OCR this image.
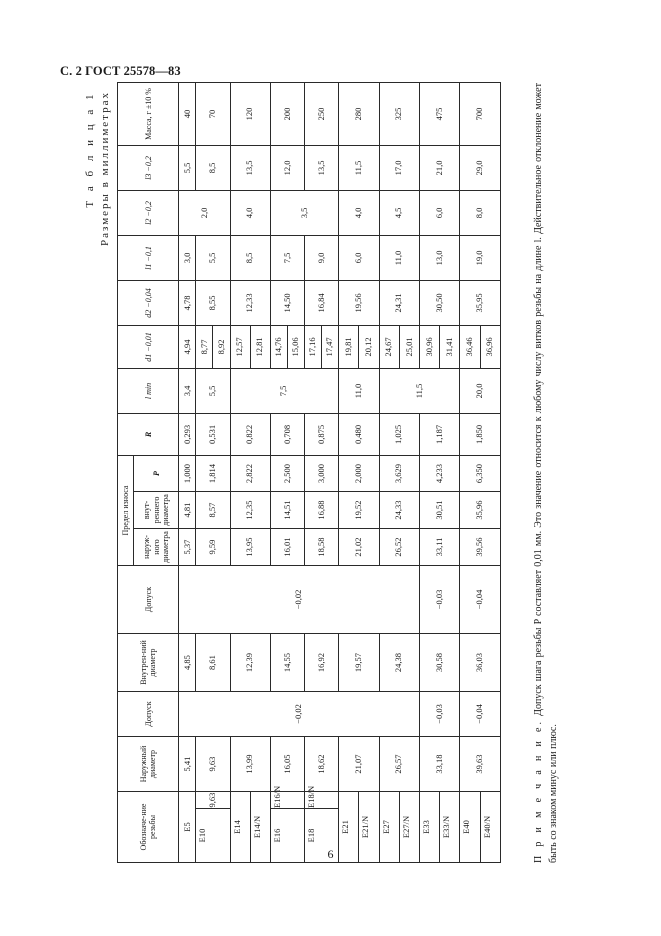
С. 2 ГОСТ 25578—83
Т а б л и ц а 1 Размеры в миллиметрах
Обозначе-ние резьбы		Наружный диаметр	Допуск	Внутрен-ний диаметр	Допуск	Предел износа			R	l min	d1 −0,01	d2 −0,04	l1 −0,1	l2 −0,2	l3 −0,2	Масса, г ±10 %
						наруж-ного диаметра	внут-реннего диаметра	P								
E5		5,41	−0,02	4,85	−0,02	5,37	4,81	1,000	0,293	3,4	4,94	4,78	3,0	2,0	5,5	40
E10	9,63	9,63		8,61		9,59	8,57	1,814	0,531	5,5	8,77	8,55	5,5		8,5	70
											8,92					
E14		13,99		12,39		13,95	12,35	2,822	0,822	7,5	12,57	12,33	8,5	4,0	13,5	120
E14/N											12,81					
E16	E16/N	16,05		14,55		16,01	14,51	2,500	0,708		14,76	14,50	7,5	3,5	12,0	200
											15,06					
E18	E18/N	18,62		16,92		18,58	16,88	3,000	0,875		17,16	16,84	9,0		13,5	250
											17,47					
E21		21,07		19,57		21,02	19,52	2,000	0,480	11,0	19,81	19,56	6,0	4,0	11,5	280
E21/N											20,12					
E27		26,57		24,38		26,52	24,33	3,629	1,025	11,5	24,67	24,31	11,0	4,5	17,0	325
E27/N											25,01					
E33		33,18	−0,03	30,58	−0,03	33,11	30,51	4,233	1,187		30,96	30,50	13,0	6,0	21,0	475
E33/N											31,41					
E40		39,63	−0,04	36,03	−0,04	39,56	35,96	6,350	1,850	20,0	36,46	35,95	19,0	8,0	29,0	700
E40/N											36,96					
П р и м е ч а н и е. Допуск шага резьбы P составляет 0,01 мм. Это значение относится к любому числу витков резьбы на длине l. Действительное отклонение может быть со знаком минус или плюс.
6
